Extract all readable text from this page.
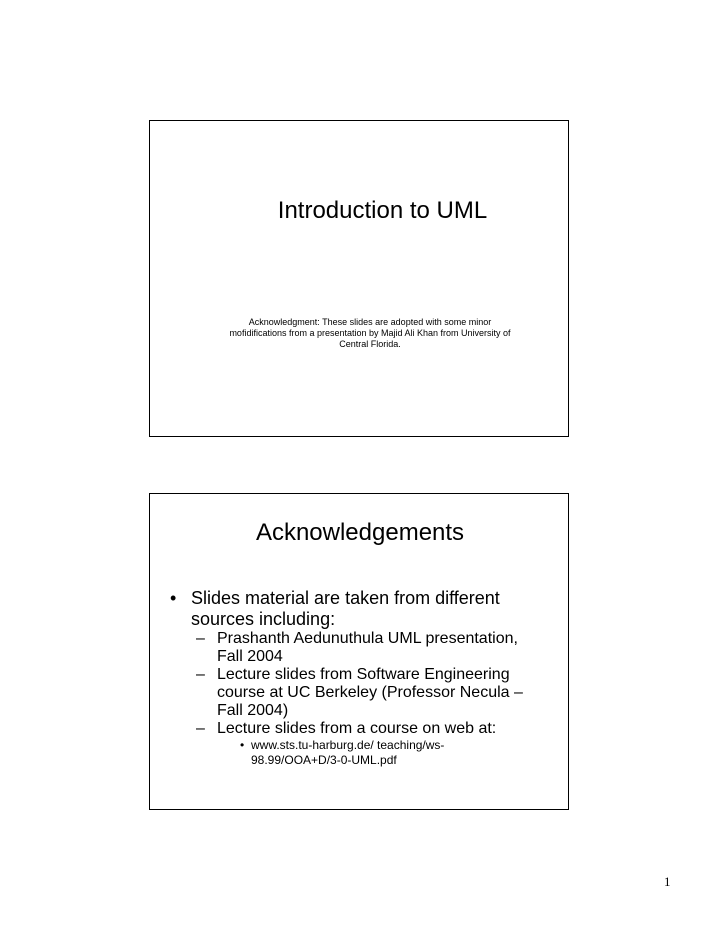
Introduction to UML

Acknowledgment: These slides are adopted with some minor mofidifications from a presentation by Majid Ali Khan from University of Central Florida.

Acknowledgements
• Slides material are taken from different sources including:
– Prashanth Aedunuthula UML presentation, Fall 2004
– Lecture slides from Software Engineering course at UC Berkeley (Professor Necula – Fall 2004)
– Lecture slides from a course on web at:
• www.sts.tu-harburg.de/ teaching/ws-98.99/OOA+D/3-0-UML.pdf
1
